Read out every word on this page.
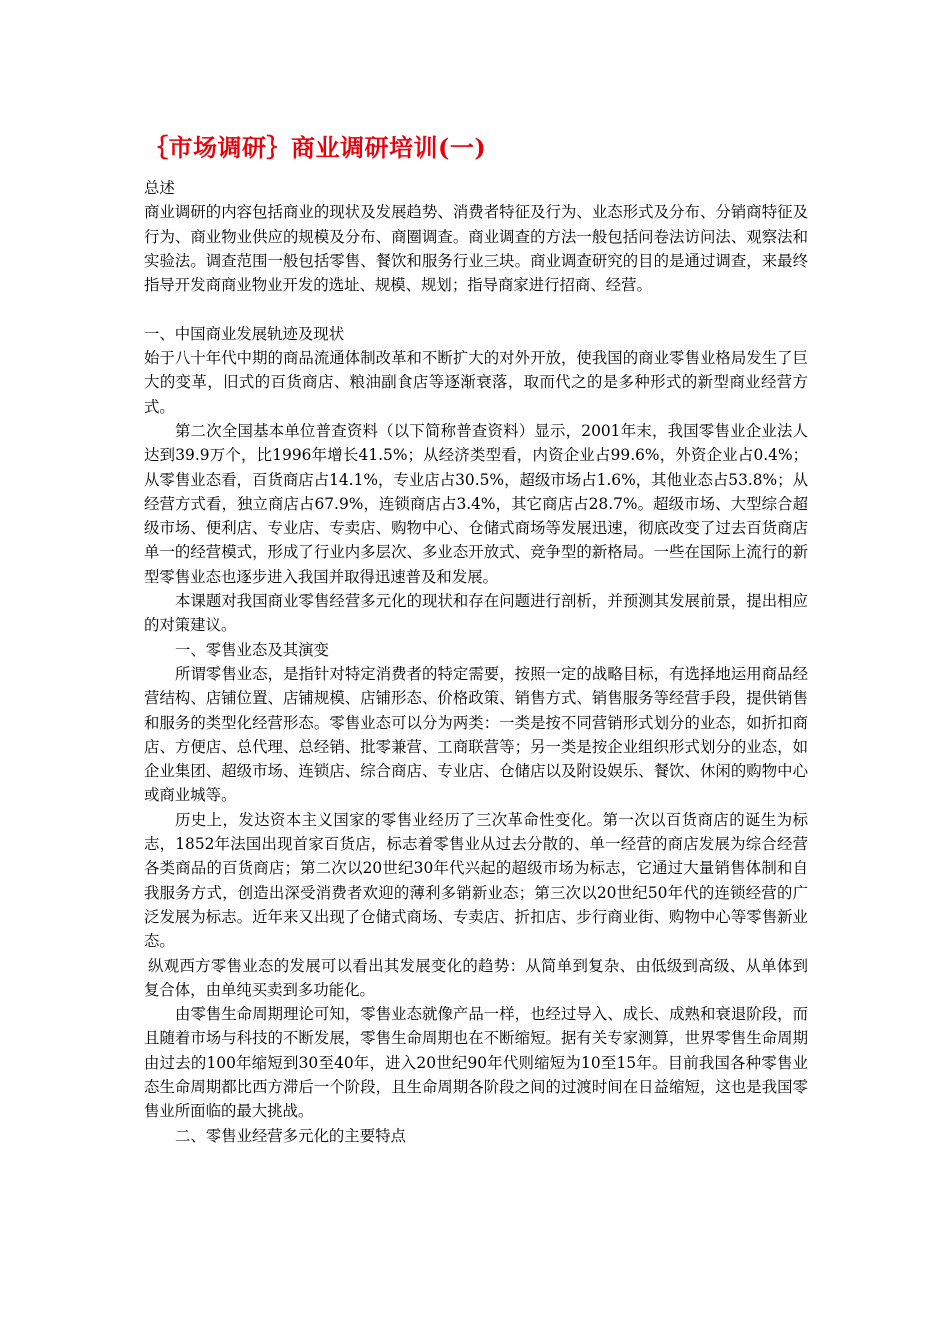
｛市场调研｝商业调研培训(一)

总述

商业调研的内容包括商业的现状及发展趋势、消费者特征及行为、业态形式及分布、分销商特征及行为、商业物业供应的规模及分布、商圈调查。商业调查的方法一般包括问卷法访问法、观察法和实验法。调查范围一般包括零售、餐饮和服务行业三块。商业调查研究的目的是通过调查，来最终指导开发商商业物业开发的选址、规模、规划；指导商家进行招商、经营。

一、中国商业发展轨迹及现状

始于八十年代中期的商品流通体制改革和不断扩大的对外开放，使我国的商业零售业格局发生了巨大的变革，旧式的百货商店、粮油副食店等逐渐衰落，取而代之的是多种形式的新型商业经营方式。

第二次全国基本单位普查资料（以下简称普查资料）显示，2001年末，我国零售业企业法人达到39.9万个，比1996年增长41.5%；从经济类型看，内资企业占99.6%，外资企业占0.4%；从零售业态看，百货商店占14.1%，专业店占30.5%，超级市场占1.6%，其他业态占53.8%；从经营方式看，独立商店占67.9%，连锁商店占3.4%，其它商店占28.7%。超级市场、大型综合超级市场、便利店、专业店、专卖店、购物中心、仓储式商场等发展迅速，彻底改变了过去百货商店单一的经营模式，形成了行业内多层次、多业态开放式、竞争型的新格局。一些在国际上流行的新型零售业态也逐步进入我国并取得迅速普及和发展。

本课题对我国商业零售经营多元化的现状和存在问题进行剖析，并预测其发展前景，提出相应的对策建议。

一、零售业态及其演变

所谓零售业态，是指针对特定消费者的特定需要，按照一定的战略目标，有选择地运用商品经营结构、店铺位置、店铺规模、店铺形态、价格政策、销售方式、销售服务等经营手段，提供销售和服务的类型化经营形态。零售业态可以分为两类：一类是按不同营销形式划分的业态，如折扣商店、方便店、总代理、总经销、批零兼营、工商联营等；另一类是按企业组织形式划分的业态，如企业集团、超级市场、连锁店、综合商店、专业店、仓储店以及附设娱乐、餐饮、休闲的购物中心或商业城等。

历史上，发达资本主义国家的零售业经历了三次革命性变化。第一次以百货商店的诞生为标志，1852年法国出现首家百货店，标志着零售业从过去分散的、单一经营的商店发展为综合经营各类商品的百货商店；第二次以20世纪30年代兴起的超级市场为标志，它通过大量销售体制和自我服务方式，创造出深受消费者欢迎的薄利多销新业态；第三次以20世纪50年代的连锁经营的广泛发展为标志。近年来又出现了仓储式商场、专卖店、折扣店、步行商业街、购物中心等零售新业态。

纵观西方零售业态的发展可以看出其发展变化的趋势：从简单到复杂、由低级到高级、从单体到复合体，由单纯买卖到多功能化。

由零售生命周期理论可知，零售业态就像产品一样，也经过导入、成长、成熟和衰退阶段，而且随着市场与科技的不断发展，零售生命周期也在不断缩短。据有关专家测算，世界零售生命周期由过去的100年缩短到30至40年，进入20世纪90年代则缩短为10至15年。目前我国各种零售业态生命周期都比西方滞后一个阶段，且生命周期各阶段之间的过渡时间在日益缩短，这也是我国零售业所面临的最大挑战。

二、零售业经营多元化的主要特点
